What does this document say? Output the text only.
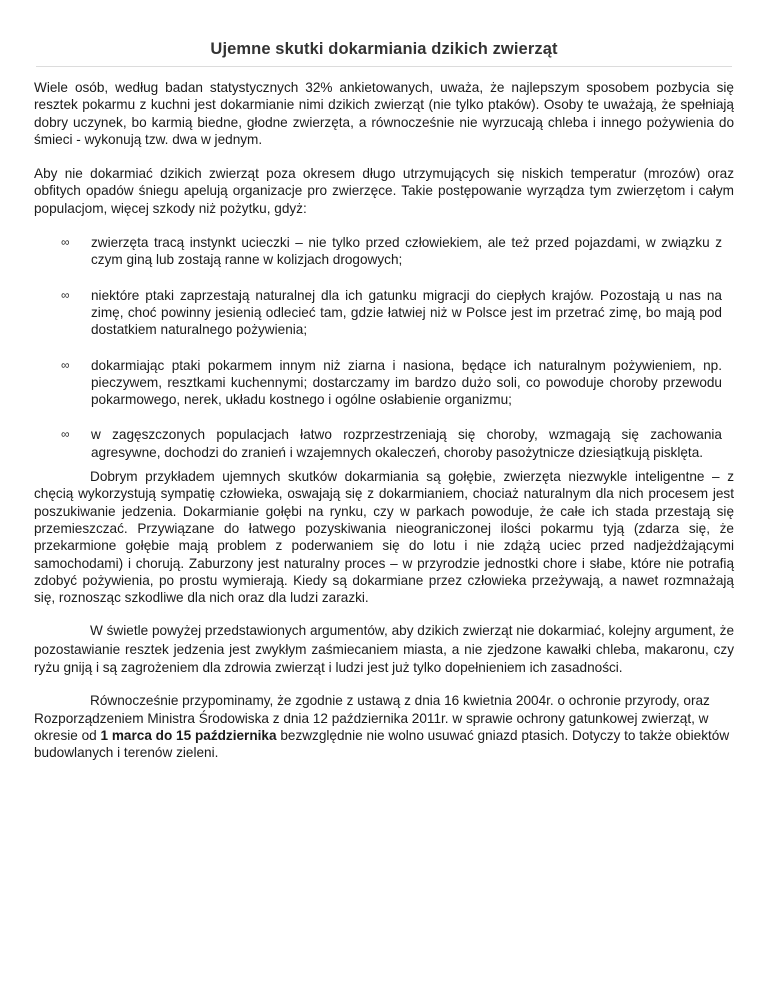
Ujemne skutki dokarmiania dzikich zwierząt

Wiele osób, według badan statystycznych 32% ankietowanych, uważa, że najlepszym sposobem pozbycia się resztek pokarmu z kuchni jest dokarmianie nimi dzikich zwierząt (nie tylko ptaków). Osoby te uważają, że spełniają dobry uczynek, bo karmią biedne, głodne zwierzęta, a równocześnie nie wyrzucają chleba i innego pożywienia do śmieci - wykonują tzw. dwa w jednym.

Aby nie dokarmiać dzikich zwierząt poza okresem długo utrzymujących się niskich temperatur (mrozów) oraz obfitych opadów śniegu apelują organizacje pro zwierzęce. Takie postępowanie wyrządza tym zwierzętom i całym populacjom, więcej szkody niż pożytku, gdyż:

∞ zwierzęta tracą instynkt ucieczki – nie tylko przed człowiekiem, ale też przed pojazdami, w związku z czym giną lub zostają ranne w kolizjach drogowych;
∞ niektóre ptaki zaprzestają naturalnej dla ich gatunku migracji do ciepłych krajów. Pozostają u nas na zimę, choć powinny jesienią odlecieć tam, gdzie łatwiej niż w Polsce jest im przetrać zimę, bo mają pod dostatkiem naturalnego pożywienia;
∞ dokarmiając ptaki pokarmem innym niż ziarna i nasiona, będące ich naturalnym pożywieniem, np. pieczywem, resztkami kuchennymi; dostarczamy im bardzo dużo soli, co powoduje choroby przewodu pokarmowego, nerek, układu kostnego i ogólne osłabienie organizmu;
∞ w zagęszczonych populacjach łatwo rozprzestrzeniają się choroby, wzmagają się zachowania agresywne, dochodzi do zranień i wzajemnych okaleczeń, choroby pasożytnicze dziesiątkują pisklęta.

Dobrym przykładem ujemnych skutków dokarmiania są gołębie, zwierzęta niezwykle inteligentne – z chęcią wykorzystują sympatię człowieka, oswajają się z dokarmianiem, chociaż naturalnym dla nich procesem jest poszukiwanie jedzenia. Dokarmianie gołębi na rynku, czy w parkach powoduje, że całe ich stada przestają się przemieszczać. Przywiązane do łatwego pozyskiwania nieograniczonej ilości pokarmu tyją (zdarza się, że przekarmione gołębie mają problem z poderwaniem się do lotu i nie zdążą uciec przed nadjeżdżającymi samochodami) i chorują. Zaburzony jest naturalny proces – w przyrodzie jednostki chore i słabe, które nie potrafią zdobyć pożywienia, po prostu wymierają. Kiedy są dokarmiane przez człowieka przeżywają, a nawet rozmnażają się, roznosząc szkodliwe dla nich oraz dla ludzi zarazki.

W świetle powyżej przedstawionych argumentów, aby dzikich zwierząt nie dokarmiać, kolejny argument, że pozostawianie resztek jedzenia jest zwykłym zaśmiecaniem miasta, a nie zjedzone kawałki chleba, makaronu, czy ryżu gniją i są zagrożeniem dla zdrowia zwierząt i ludzi jest już tylko dopełnieniem ich zasadności.

Równocześnie przypominamy, że zgodnie z ustawą z dnia 16 kwietnia 2004r. o ochronie przyrody, oraz Rozporządzeniem Ministra Środowiska z dnia 12 października 2011r. w sprawie ochrony gatunkowej zwierząt, w okresie od 1 marca do 15 października bezwzględnie nie wolno usuwać gniazd ptasich. Dotyczy to także obiektów budowlanych i terenów zieleni.
